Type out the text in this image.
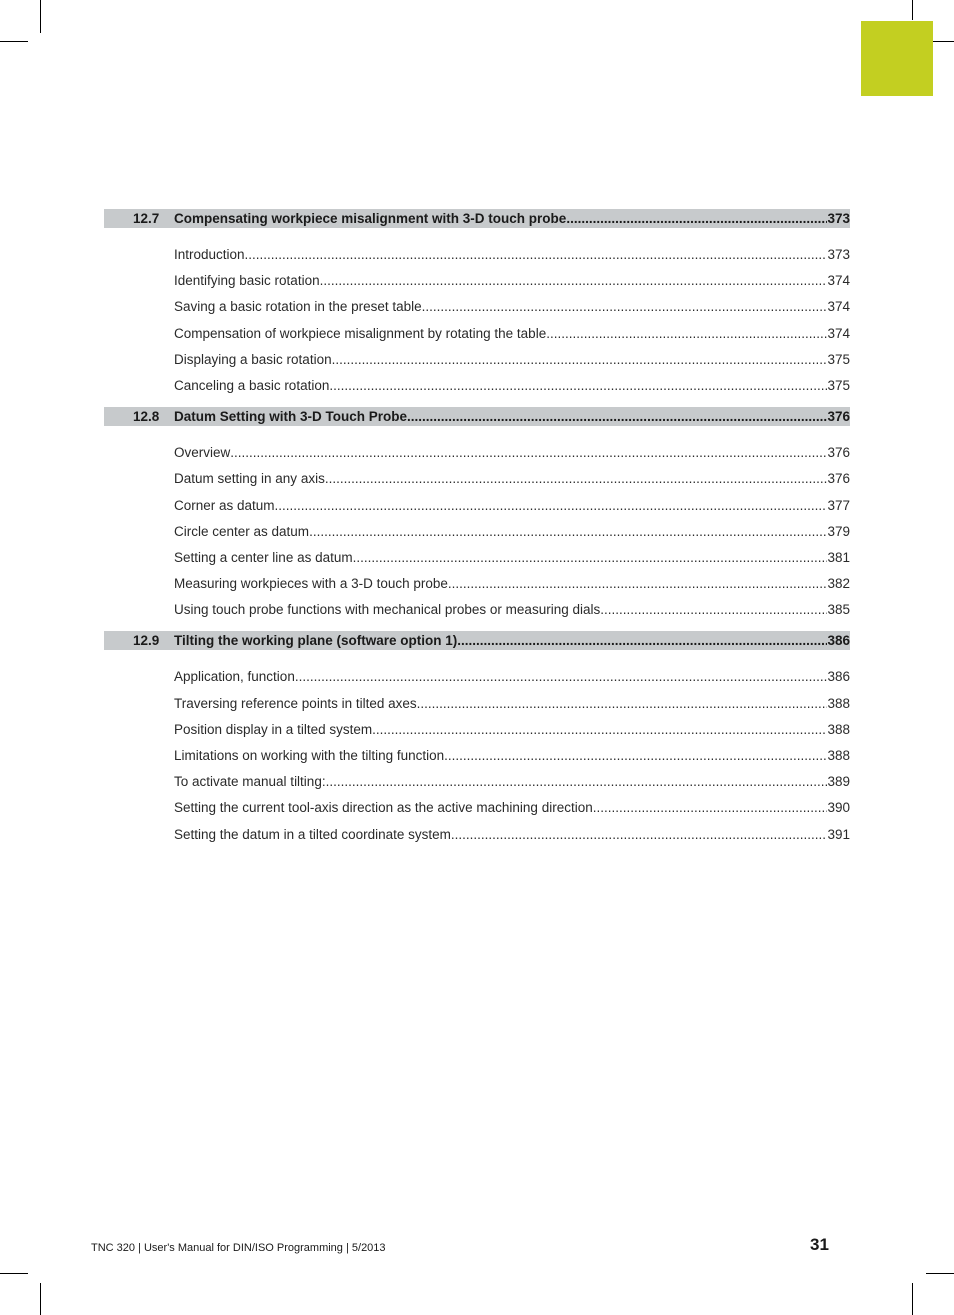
12.7 Compensating workpiece misalignment with 3-D touch probe .....	373
Introduction .....	373
Identifying basic rotation .....	374
Saving a basic rotation in the preset table .....	374
Compensation of workpiece misalignment by rotating the table .....	374
Displaying a basic rotation .....	375
Canceling a basic rotation .....	375
12.8 Datum Setting with 3-D Touch Probe .....	376
Overview .....	376
Datum setting in any axis .....	376
Corner as datum .....	377
Circle center as datum .....	379
Setting a center line as datum .....	381
Measuring workpieces with a 3-D touch probe .....	382
Using touch probe functions with mechanical probes or measuring dials .....	385
12.9 Tilting the working plane (software option 1) .....	386
Application, function .....	386
Traversing reference points in tilted axes .....	388
Position display in a tilted system .....	388
Limitations on working with the tilting function .....	388
To activate manual tilting: .....	389
Setting the current tool-axis direction as the active machining direction .....	390
Setting the datum in a tilted coordinate system .....	391
TNC 320 | User's Manual for DIN/ISO Programming | 5/2013	31
